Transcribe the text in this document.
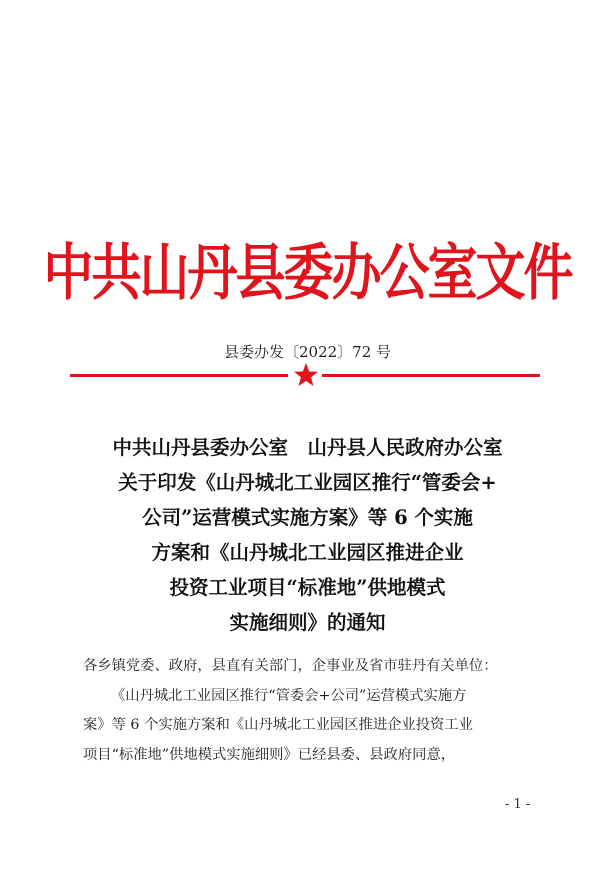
中共山丹县委办公室文件
县委办发〔2022〕72 号
中共山丹县委办公室　山丹县人民政府办公室
关于印发《山丹城北工业园区推行“管委会+
公司”运营模式实施方案》等 6 个实施
方案和《山丹城北工业园区推进企业
投资工业项目“标准地”供地模式
实施细则》的通知
各乡镇党委、政府，县直有关部门，企事业及省市驻丹有关单位：
《山丹城北工业园区推行“管委会+公司”运营模式实施方
案》等 6 个实施方案和《山丹城北工业园区推进企业投资工业
项目“标准地”供地模式实施细则》已经县委、县政府同意，
- 1 -
